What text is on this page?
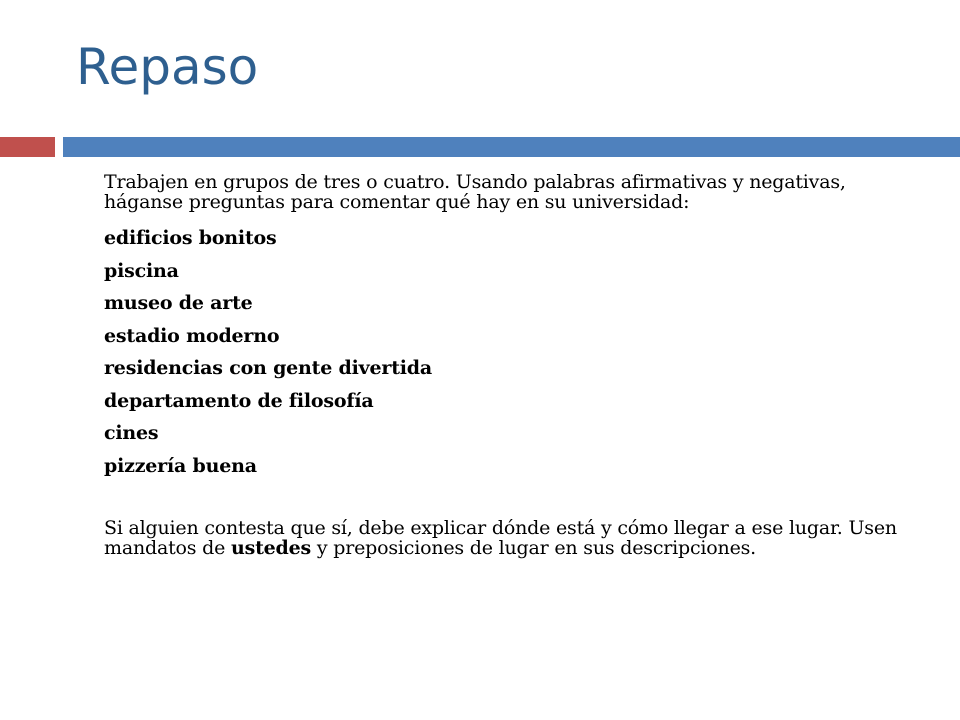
Repaso

Trabajen en grupos de tres o cuatro. Usando palabras afirmativas y negativas, háganse preguntas para comentar qué hay en su universidad:

edificios bonitos
piscina
museo de arte
estadio moderno
residencias con gente divertida
departamento de filosofía
cines
pizzería buena

Si alguien contesta que sí, debe explicar dónde está y cómo llegar a ese lugar. Usen mandatos de ustedes y preposiciones de lugar en sus descripciones.
